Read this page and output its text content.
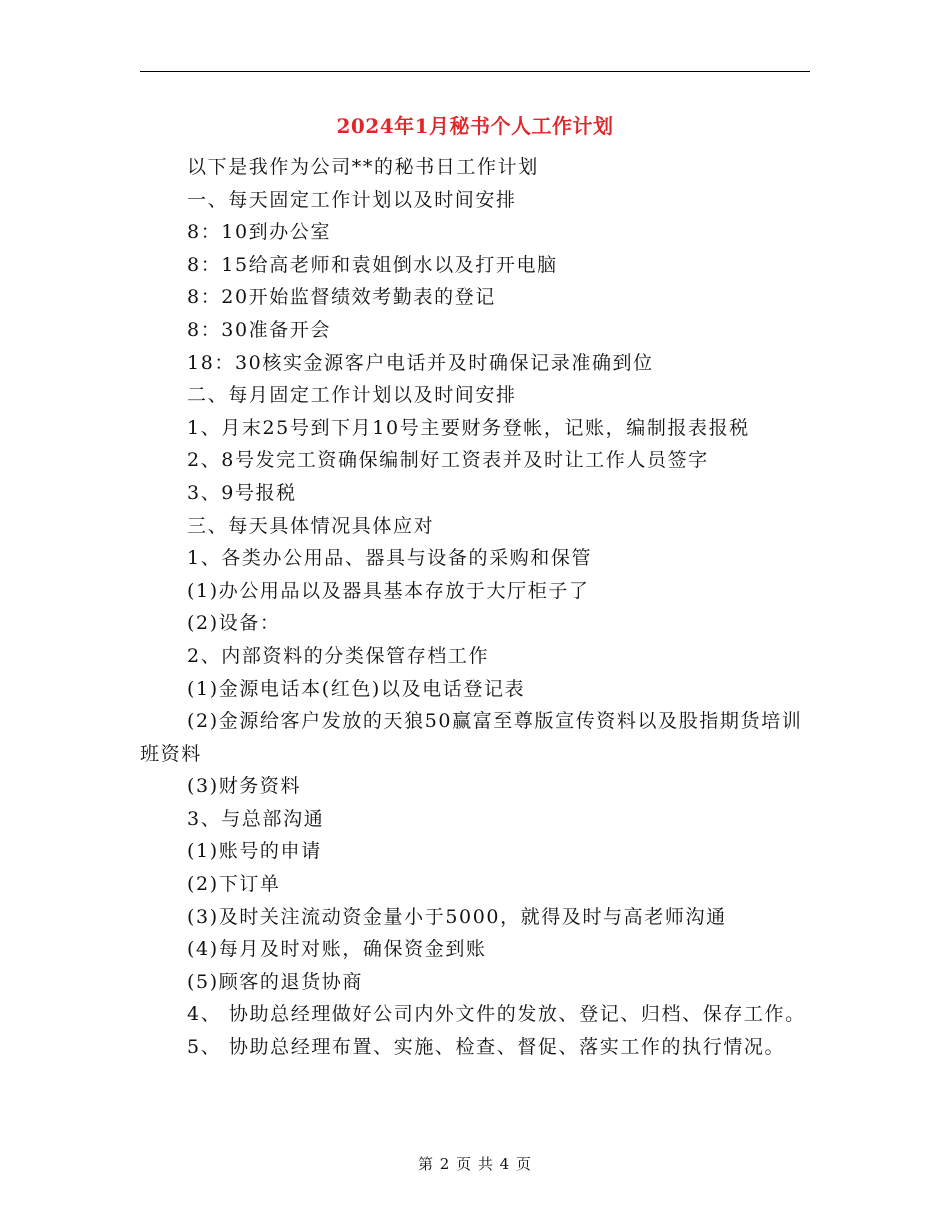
2024年1月秘书个人工作计划

以下是我作为公司**的秘书日工作计划

一、每天固定工作计划以及时间安排

8：10到办公室

8：15给高老师和袁姐倒水以及打开电脑

8：20开始监督绩效考勤表的登记

8：30准备开会

18：30核实金源客户电话并及时确保记录准确到位

二、每月固定工作计划以及时间安排

1、月末25号到下月10号主要财务登帐，记账，编制报表报税

2、8号发完工资确保编制好工资表并及时让工作人员签字

3、9号报税

三、每天具体情况具体应对

1、各类办公用品、器具与设备的采购和保管

(1)办公用品以及器具基本存放于大厅柜子了

(2)设备：

2、内部资料的分类保管存档工作

(1)金源电话本(红色)以及电话登记表

(2)金源给客户发放的天狼50赢富至尊版宣传资料以及股指期货培训班资料

(3)财务资料

3、与总部沟通

(1)账号的申请

(2)下订单

(3)及时关注流动资金量小于5000，就得及时与高老师沟通

(4)每月及时对账，确保资金到账

(5)顾客的退货协商

4、 协助总经理做好公司内外文件的发放、登记、归档、保存工作。

5、 协助总经理布置、实施、检查、督促、落实工作的执行情况。

第 2 页 共 4 页
